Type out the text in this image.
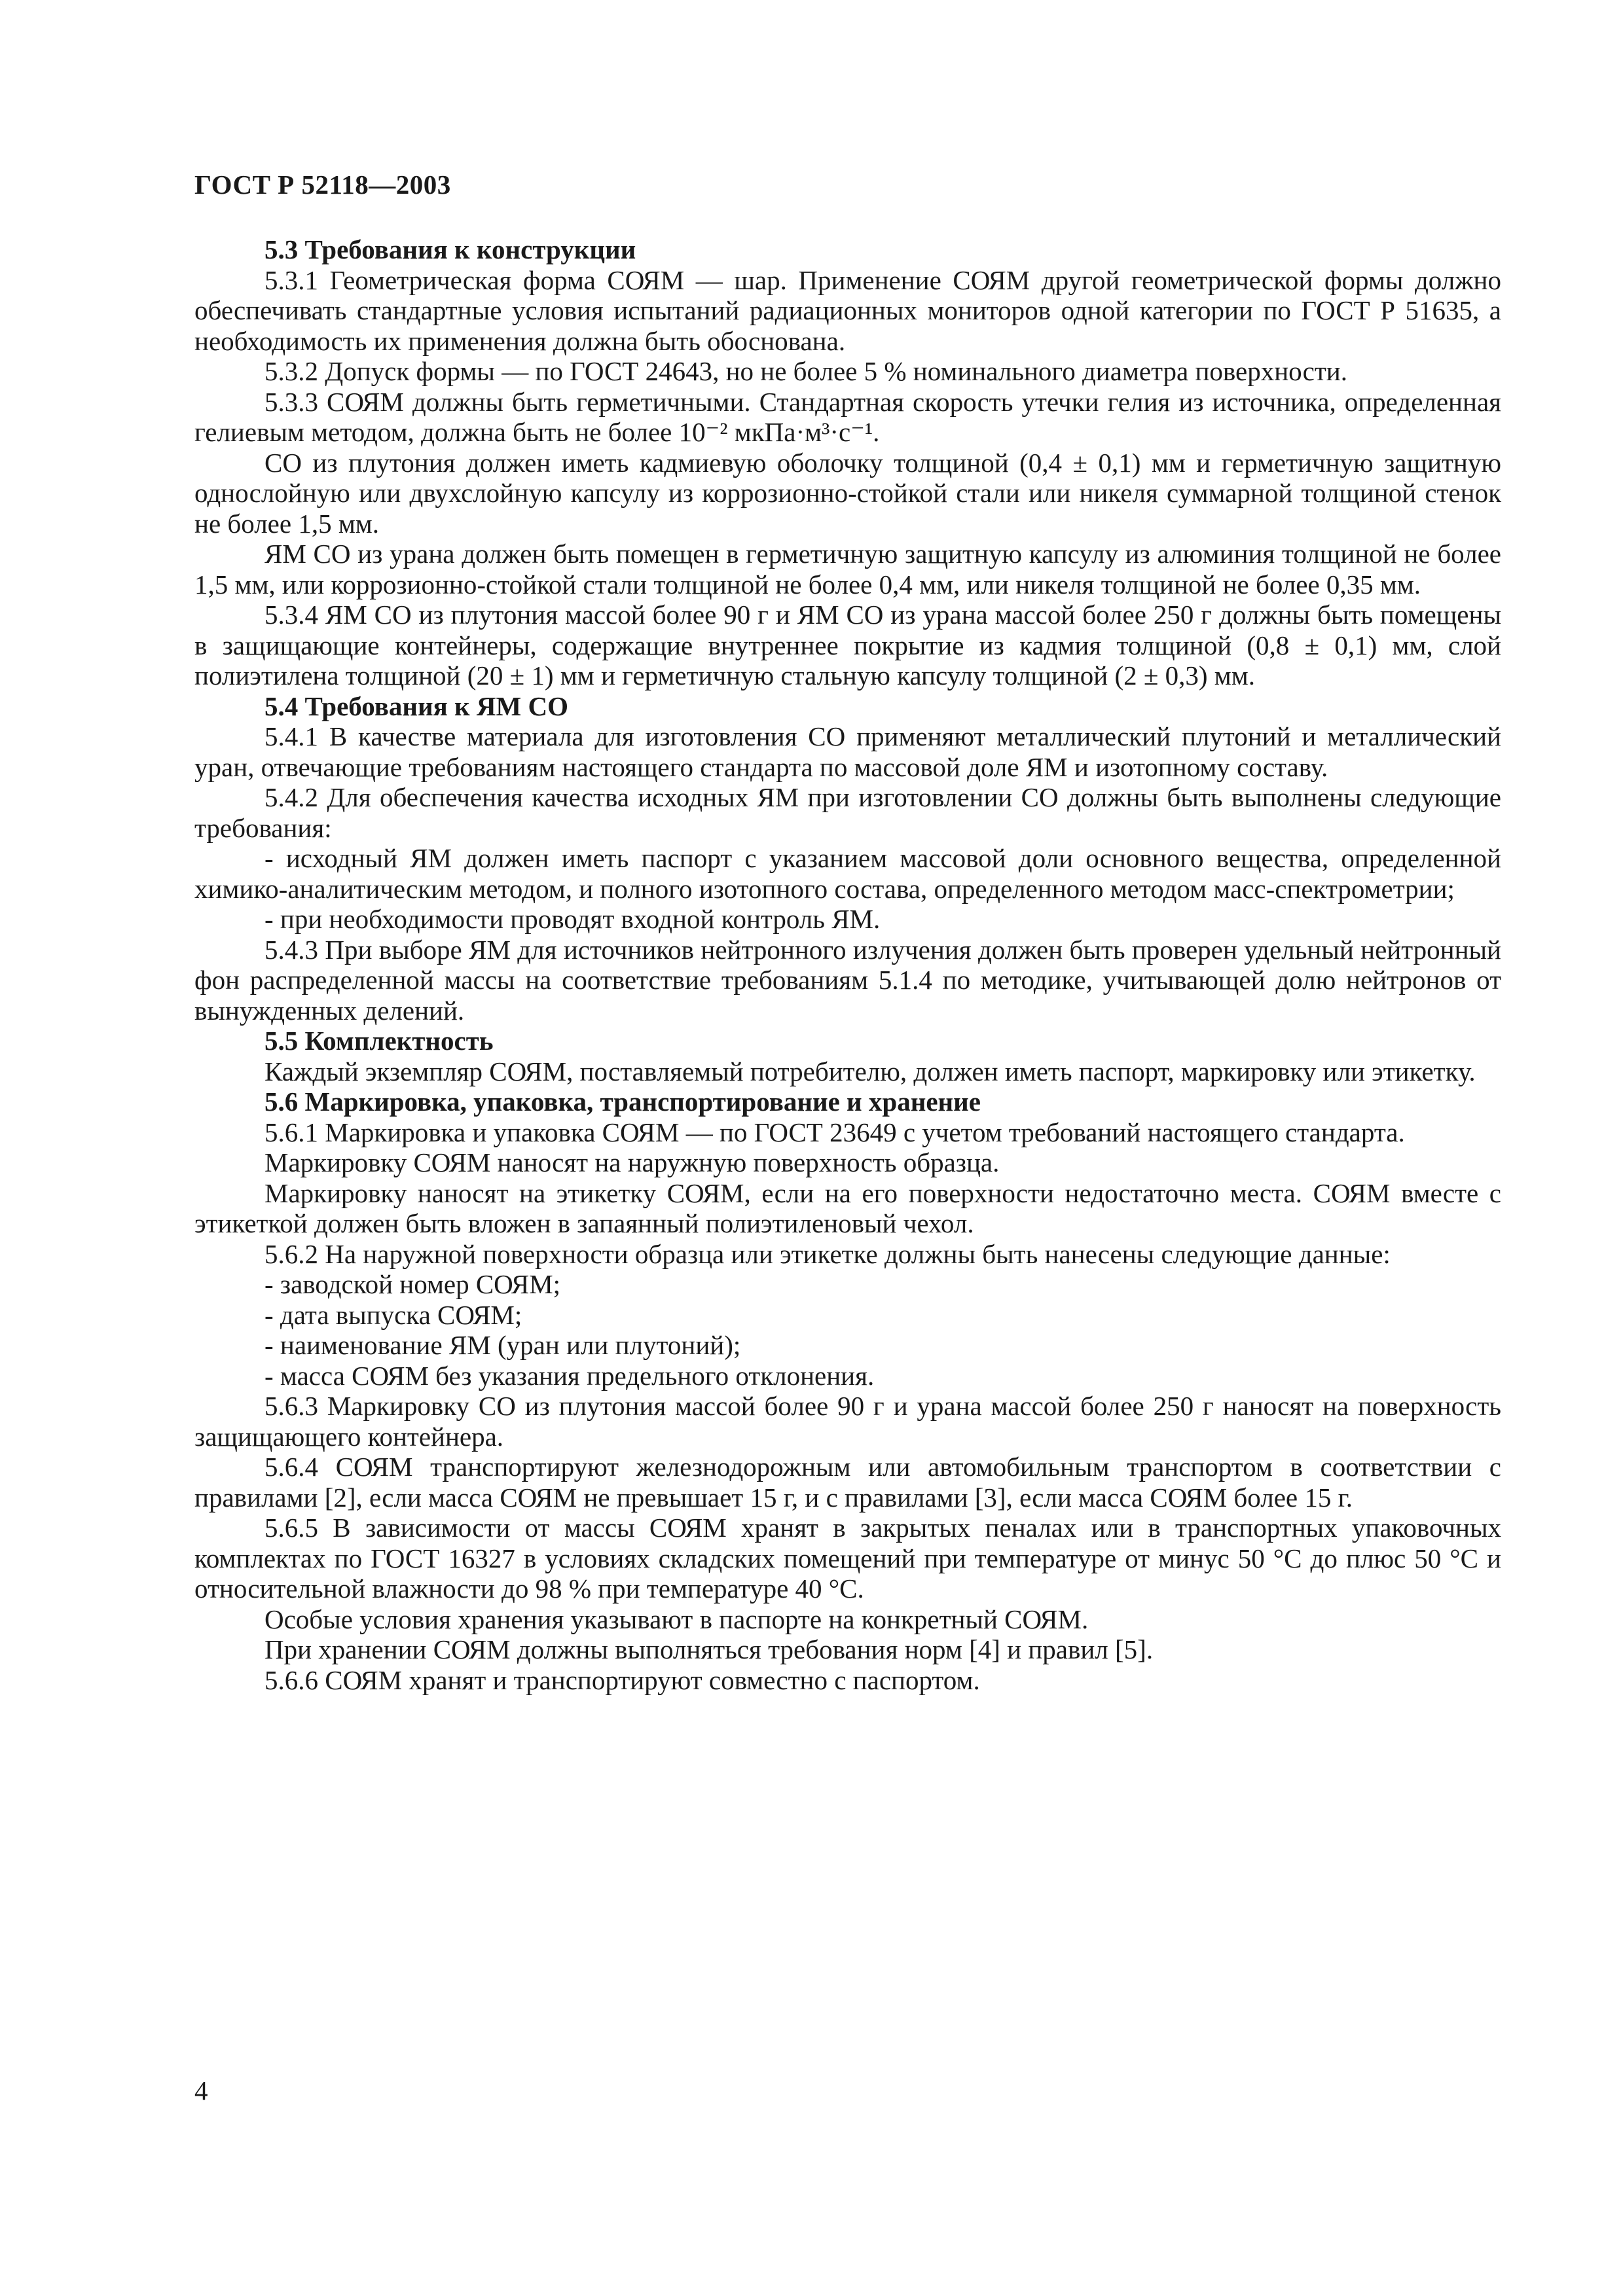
ГОСТ Р 52118—2003

5.3 Требования к конструкции

5.3.1 Геометрическая форма СОЯМ — шар. Применение СОЯМ другой геометрической формы должно обеспечивать стандартные условия испытаний радиационных мониторов одной категории по ГОСТ Р 51635, а необходимость их применения должна быть обоснована.

5.3.2 Допуск формы — по ГОСТ 24643, но не более 5 % номинального диаметра поверхности.

5.3.3 СОЯМ должны быть герметичными. Стандартная скорость утечки гелия из источника, определенная гелиевым методом, должна быть не более 10⁻² мкПа·м³·с⁻¹.

СО из плутония должен иметь кадмиевую оболочку толщиной (0,4 ± 0,1) мм и герметичную защитную однослойную или двухслойную капсулу из коррозионно-стойкой стали или никеля суммарной толщиной стенок не более 1,5 мм.

ЯМ СО из урана должен быть помещен в герметичную защитную капсулу из алюминия толщиной не более 1,5 мм, или коррозионно-стойкой стали толщиной не более 0,4 мм, или никеля толщиной не более 0,35 мм.

5.3.4 ЯМ СО из плутония массой более 90 г и ЯМ СО из урана массой более 250 г должны быть помещены в защищающие контейнеры, содержащие внутреннее покрытие из кадмия толщиной (0,8 ± 0,1) мм, слой полиэтилена толщиной (20 ± 1) мм и герметичную стальную капсулу толщиной (2 ± 0,3) мм.

5.4 Требования к ЯМ СО

5.4.1 В качестве материала для изготовления СО применяют металлический плутоний и металлический уран, отвечающие требованиям настоящего стандарта по массовой доле ЯМ и изотопному составу.

5.4.2 Для обеспечения качества исходных ЯМ при изготовлении СО должны быть выполнены следующие требования:

- исходный ЯМ должен иметь паспорт с указанием массовой доли основного вещества, определенной химико-аналитическим методом, и полного изотопного состава, определенного методом масс-спектрометрии;

- при необходимости проводят входной контроль ЯМ.

5.4.3 При выборе ЯМ для источников нейтронного излучения должен быть проверен удельный нейтронный фон распределенной массы на соответствие требованиям 5.1.4 по методике, учитывающей долю нейтронов от вынужденных делений.

5.5 Комплектность

Каждый экземпляр СОЯМ, поставляемый потребителю, должен иметь паспорт, маркировку или этикетку.

5.6 Маркировка, упаковка, транспортирование и хранение

5.6.1 Маркировка и упаковка СОЯМ — по ГОСТ 23649 с учетом требований настоящего стандарта.

Маркировку СОЯМ наносят на наружную поверхность образца.

Маркировку наносят на этикетку СОЯМ, если на его поверхности недостаточно места. СОЯМ вместе с этикеткой должен быть вложен в запаянный полиэтиленовый чехол.

5.6.2 На наружной поверхности образца или этикетке должны быть нанесены следующие данные:

- заводской номер СОЯМ;

- дата выпуска СОЯМ;

- наименование ЯМ (уран или плутоний);

- масса СОЯМ без указания предельного отклонения.

5.6.3 Маркировку СО из плутония массой более 90 г и урана массой более 250 г наносят на поверхность защищающего контейнера.

5.6.4 СОЯМ транспортируют железнодорожным или автомобильным транспортом в соответствии с правилами [2], если масса СОЯМ не превышает 15 г, и с правилами [3], если масса СОЯМ более 15 г.

5.6.5 В зависимости от массы СОЯМ хранят в закрытых пеналах или в транспортных упаковочных комплектах по ГОСТ 16327 в условиях складских помещений при температуре от минус 50 °С до плюс 50 °С и относительной влажности до 98 % при температуре 40 °С.

Особые условия хранения указывают в паспорте на конкретный СОЯМ.

При хранении СОЯМ должны выполняться требования норм [4] и правил [5].

5.6.6 СОЯМ хранят и транспортируют совместно с паспортом.

4
